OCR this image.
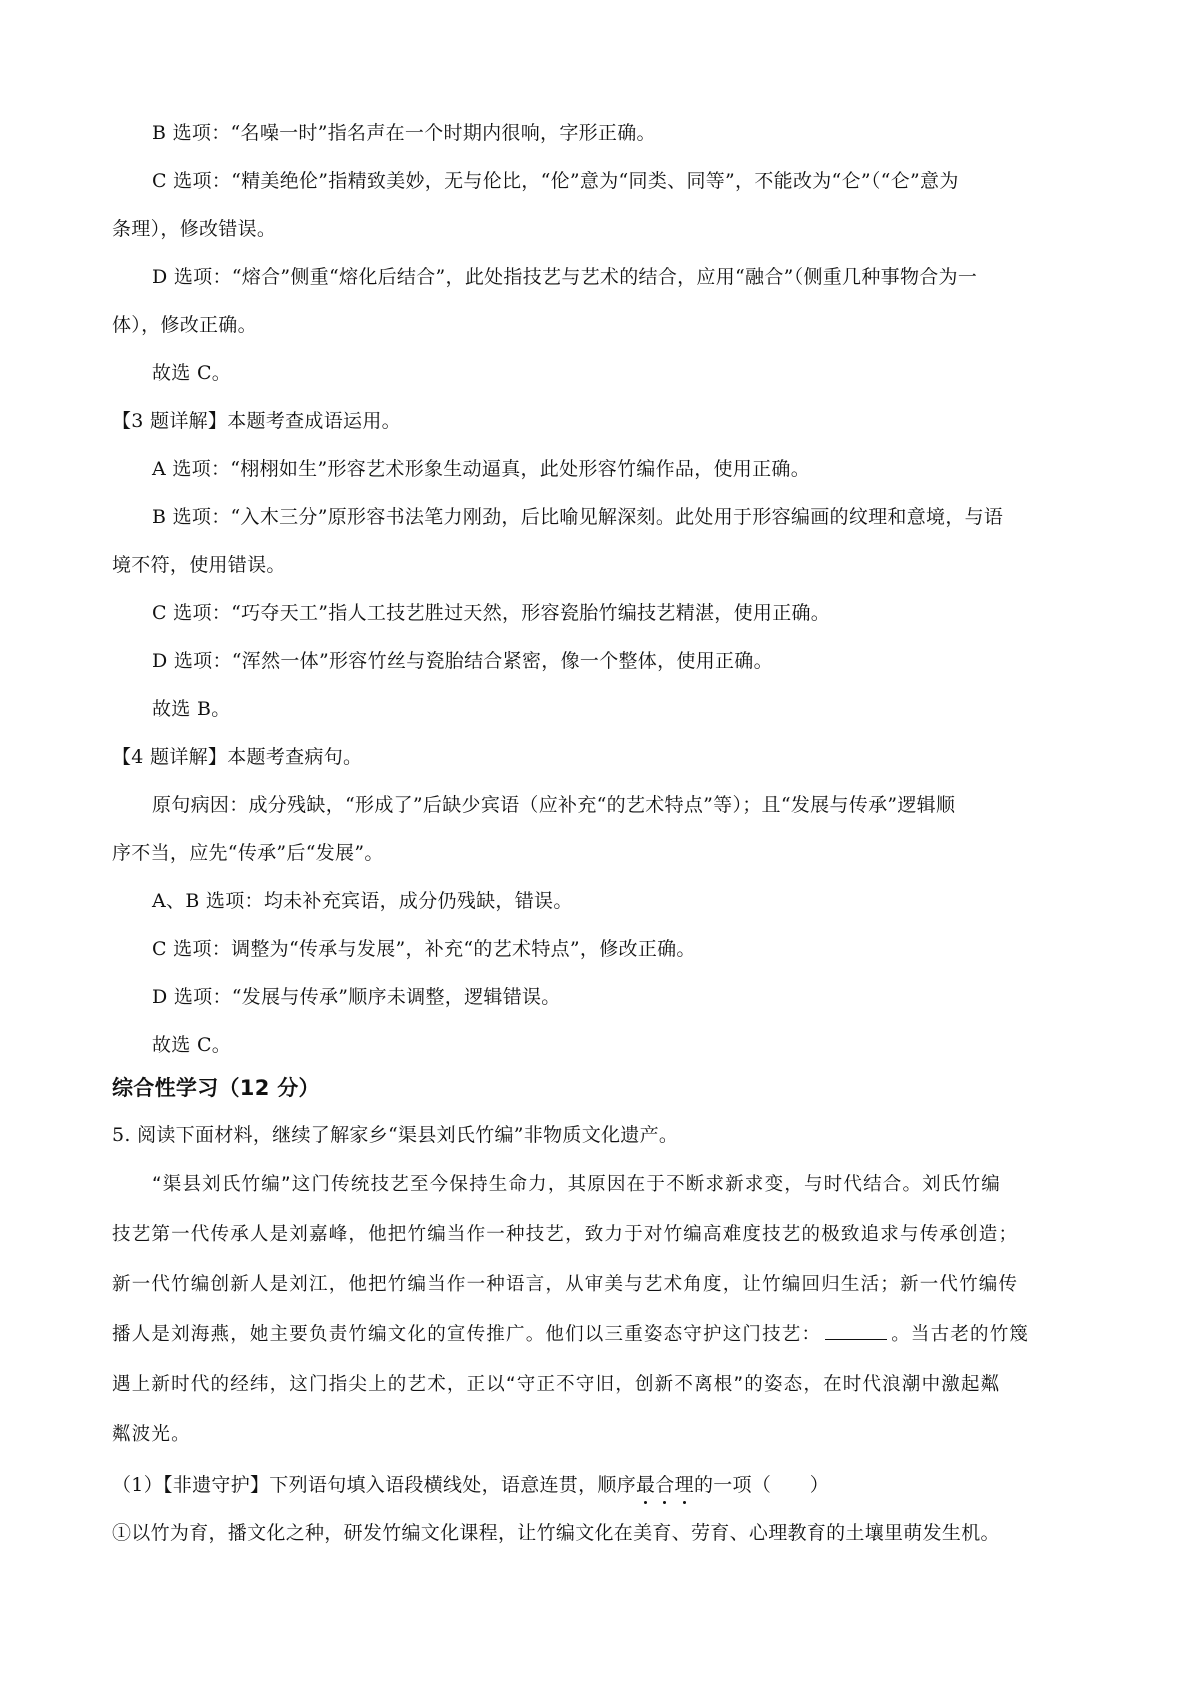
B 选项：“名噪一时”指名声在一个时期内很响，字形正确。
C 选项：“精美绝伦”指精致美妙，无与伦比，“伦”意为“同类、同等”，不能改为“仑”（“仑”意为
条理），修改错误。
D 选项：“熔合”侧重“熔化后结合”，此处指技艺与艺术的结合，应用“融合”（侧重几种事物合为一
体），修改正确。
故选 C。
【3 题详解】本题考查成语运用。
A 选项：“栩栩如生”形容艺术形象生动逼真，此处形容竹编作品，使用正确。
B 选项：“入木三分”原形容书法笔力刚劲，后比喻见解深刻。此处用于形容编画的纹理和意境，与语
境不符，使用错误。
C 选项：“巧夺天工”指人工技艺胜过天然，形容瓷胎竹编技艺精湛，使用正确。
D 选项：“浑然一体”形容竹丝与瓷胎结合紧密，像一个整体，使用正确。
故选 B。
【4 题详解】本题考查病句。
原句病因：成分残缺，“形成了”后缺少宾语（应补充“的艺术特点”等）；且“发展与传承”逻辑顺
序不当，应先“传承”后“发展”。
A、B 选项：均未补充宾语，成分仍残缺，错误。
C 选项：调整为“传承与发展”，补充“的艺术特点”，修改正确。
D 选项：“发展与传承”顺序未调整，逻辑错误。
故选 C。
综合性学习（12 分）
5. 阅读下面材料，继续了解家乡“渠县刘氏竹编”非物质文化遗产。
“渠县刘氏竹编”这门传统技艺至今保持生命力，其原因在于不断求新求变，与时代结合。刘氏竹编
技艺第一代传承人是刘嘉峰，他把竹编当作一种技艺，致力于对竹编高难度技艺的极致追求与传承创造；
新一代竹编创新人是刘江，他把竹编当作一种语言，从审美与艺术角度，让竹编回归生活；新一代竹编传
播人是刘海燕，她主要负责竹编文化的宣传推广。他们以三重姿态守护这门技艺：	。当古老的竹篾
遇上新时代的经纬，这门指尖上的艺术，正以“守正不守旧，创新不离根”的姿态，在时代浪潮中激起粼
粼波光。
（1）【非遗守护】下列语句填入语段横线处，语意连贯，顺序最合理的一项（　　）
①以竹为育，播文化之种，研发竹编文化课程，让竹编文化在美育、劳育、心理教育的土壤里萌发生机。
